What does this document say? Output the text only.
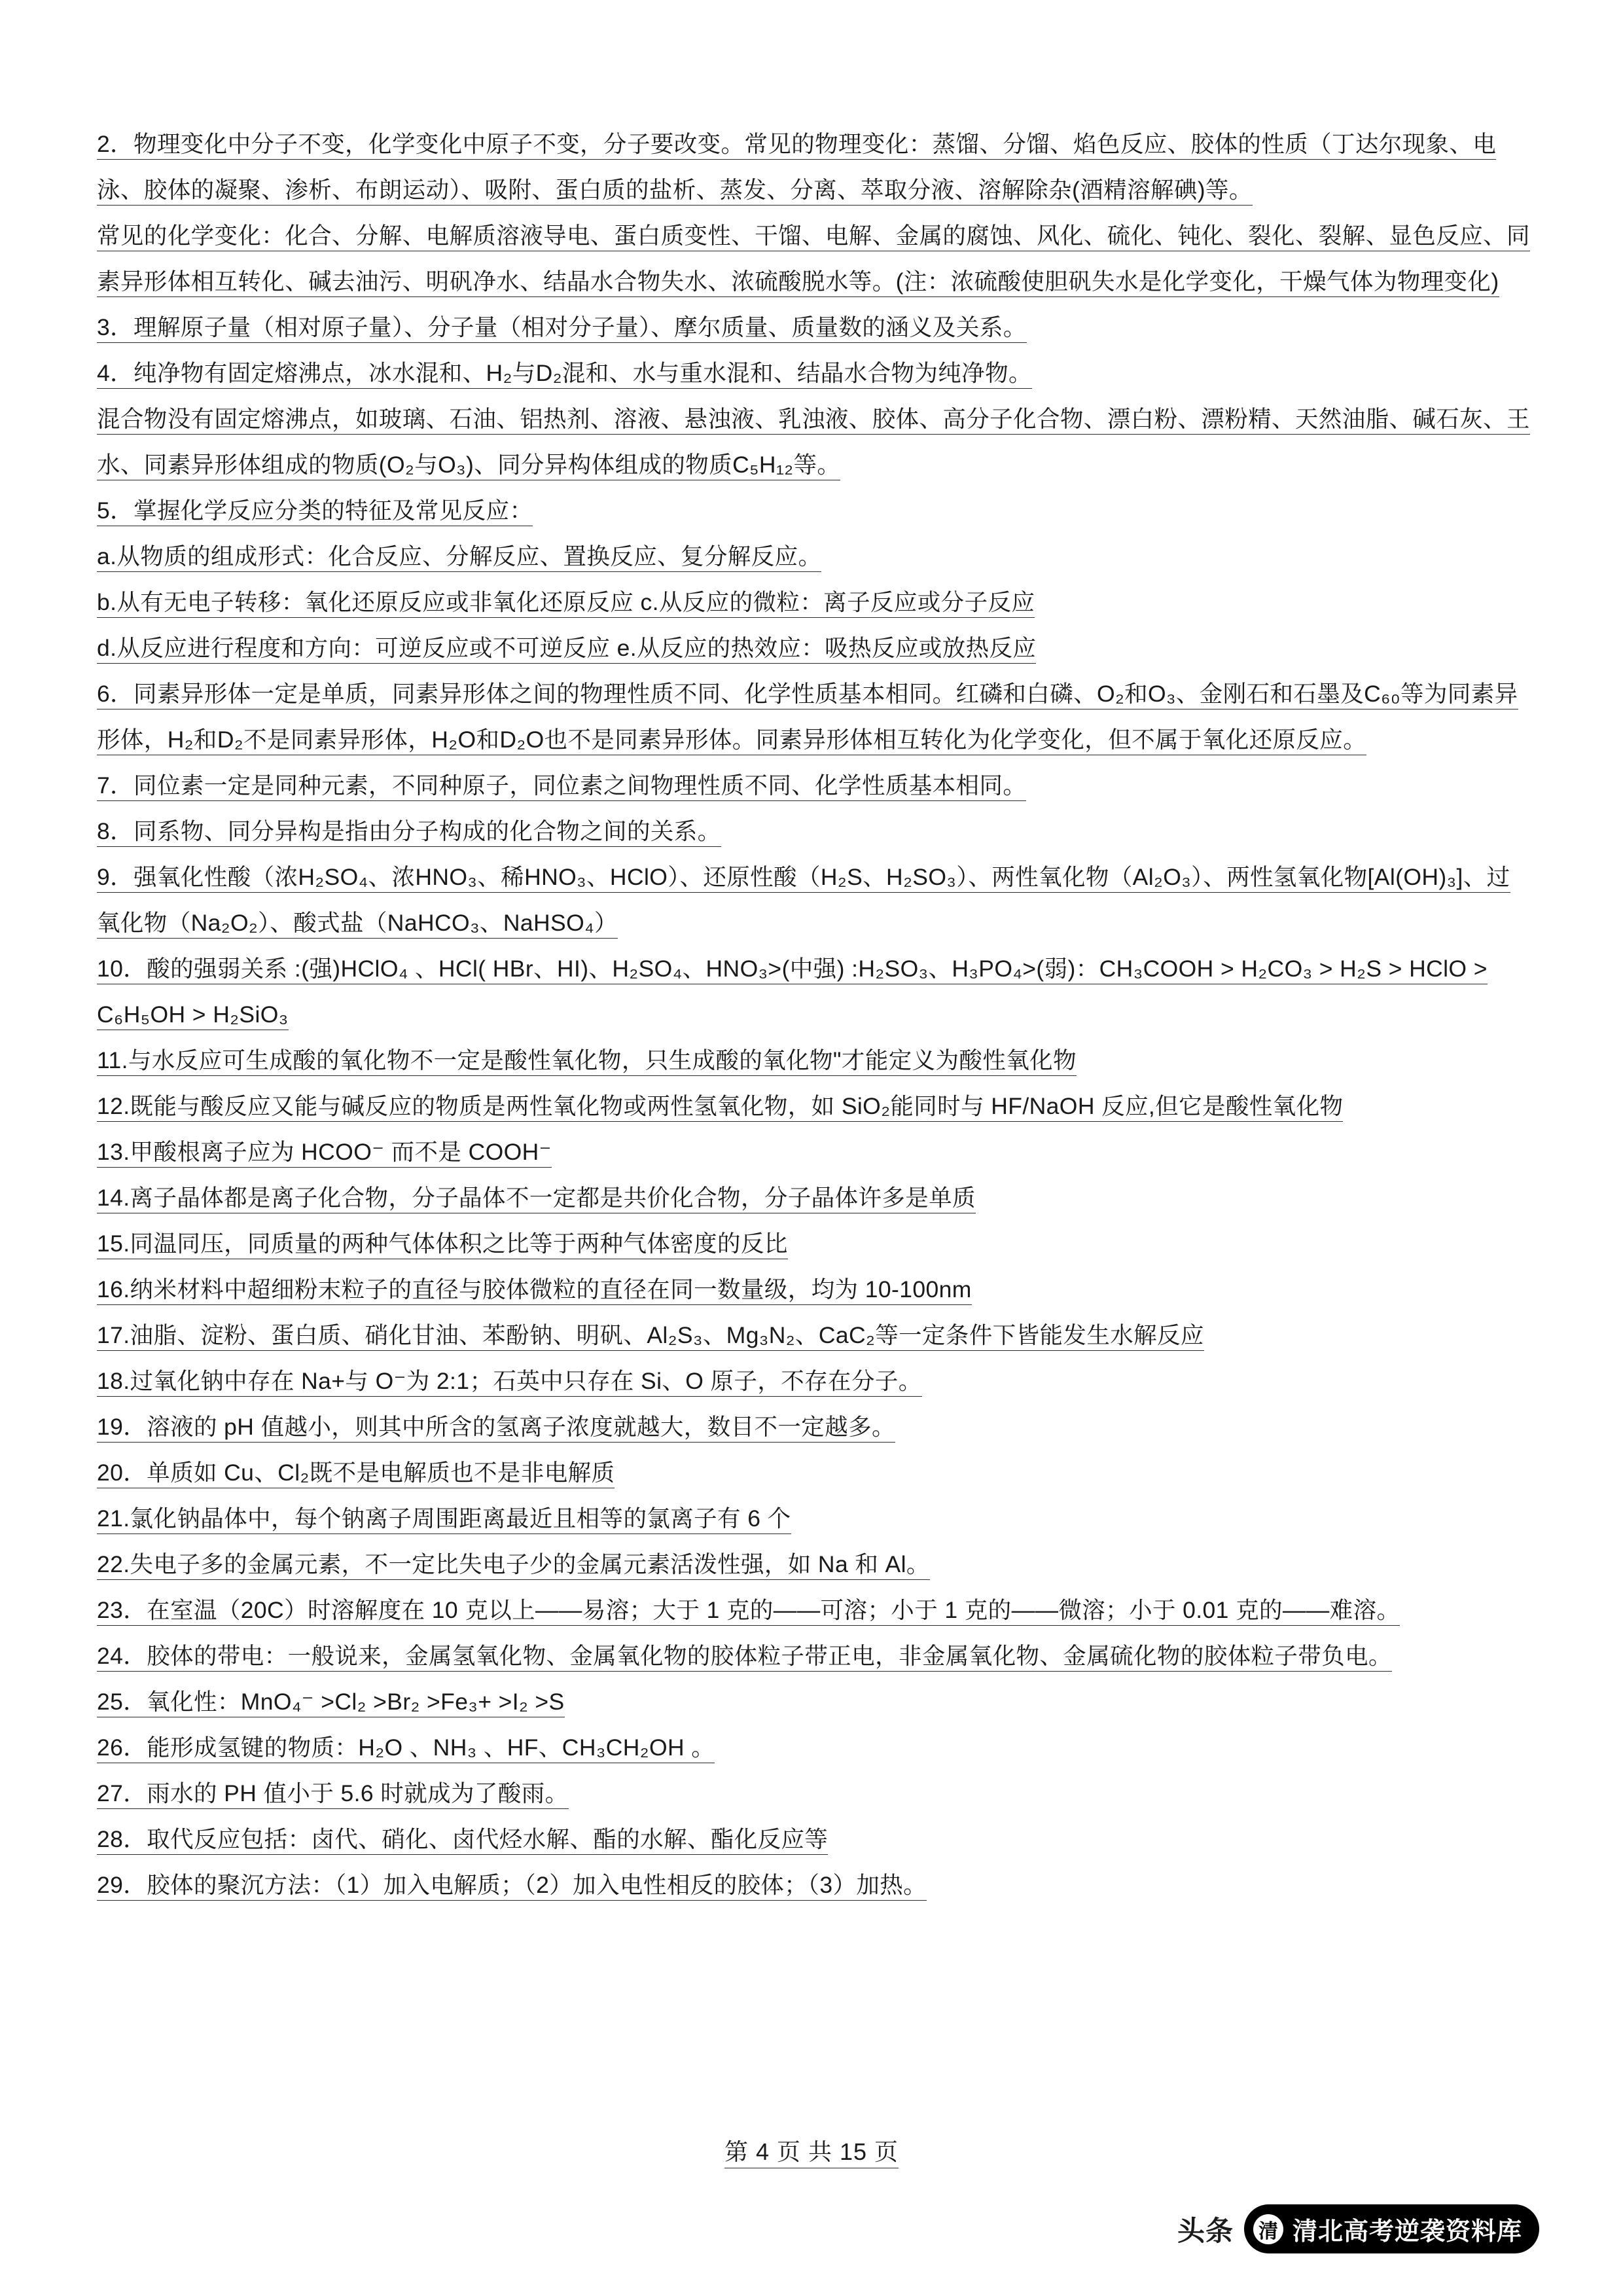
2．物理变化中分子不变，化学变化中原子不变，分子要改变。常见的物理变化：蒸馏、分馏、焰色反应、胶体的性质（丁达尔现象、电泳、胶体的凝聚、渗析、布朗运动）、吸附、蛋白质的盐析、蒸发、分离、萃取分液、溶解除杂(酒精溶解碘)等。

常见的化学变化：化合、分解、电解质溶液导电、蛋白质变性、干馏、电解、金属的腐蚀、风化、硫化、钝化、裂化、裂解、显色反应、同素异形体相互转化、碱去油污、明矾净水、结晶水合物失水、浓硫酸脱水等。(注：浓硫酸使胆矾失水是化学变化，干燥气体为物理变化)

3．理解原子量（相对原子量）、分子量（相对分子量）、摩尔质量、质量数的涵义及关系。

4．纯净物有固定熔沸点，冰水混和、H₂与D₂混和、水与重水混和、结晶水合物为纯净物。

混合物没有固定熔沸点，如玻璃、石油、铝热剂、溶液、悬浊液、乳浊液、胶体、高分子化合物、漂白粉、漂粉精、天然油脂、碱石灰、王水、同素异形体组成的物质(O₂与O₃)、同分异构体组成的物质C₅H₁₂等。

5．掌握化学反应分类的特征及常见反应：

a.从物质的组成形式：化合反应、分解反应、置换反应、复分解反应。

b.从有无电子转移：氧化还原反应或非氧化还原反应 c.从反应的微粒：离子反应或分子反应

d.从反应进行程度和方向：可逆反应或不可逆反应 e.从反应的热效应：吸热反应或放热反应

6．同素异形体一定是单质，同素异形体之间的物理性质不同、化学性质基本相同。红磷和白磷、O₂和O₃、金刚石和石墨及C₆₀等为同素异形体，H₂和D₂不是同素异形体，H₂O和D₂O也不是同素异形体。同素异形体相互转化为化学变化，但不属于氧化还原反应。

7．同位素一定是同种元素，不同种原子，同位素之间物理性质不同、化学性质基本相同。

8．同系物、同分异构是指由分子构成的化合物之间的关系。

9．强氧化性酸（浓H₂SO₄、浓HNO₃、稀HNO₃、HClO）、还原性酸（H₂S、H₂SO₃）、两性氧化物（Al₂O₃）、两性氢氧化物[Al(OH)₃]、过氧化物（Na₂O₂）、酸式盐（NaHCO₃、NaHSO₄）

10．酸的强弱关系 :(强)HClO₄ 、HCl( HBr、HI)、H₂SO₄、HNO₃>(中强) :H₂SO₃、H₃PO₄>(弱)：CH₃COOH > H₂CO₃ > H₂S > HClO > C₆H₅OH > H₂SiO₃

11.与水反应可生成酸的氧化物不一定是酸性氧化物，只生成酸的氧化物"才能定义为酸性氧化物

12.既能与酸反应又能与碱反应的物质是两性氧化物或两性氢氧化物，如 SiO₂能同时与 HF/NaOH 反应,但它是酸性氧化物

13.甲酸根离子应为 HCOO⁻ 而不是 COOH⁻

14.离子晶体都是离子化合物，分子晶体不一定都是共价化合物，分子晶体许多是单质

15.同温同压，同质量的两种气体体积之比等于两种气体密度的反比

16.纳米材料中超细粉末粒子的直径与胶体微粒的直径在同一数量级，均为 10-100nm

17.油脂、淀粉、蛋白质、硝化甘油、苯酚钠、明矾、Al₂S₃、Mg₃N₂、CaC₂等一定条件下皆能发生水解反应

18.过氧化钠中存在 Na+与 O⁻为 2:1；石英中只存在 Si、O 原子，不存在分子。

19．溶液的 pH 值越小，则其中所含的氢离子浓度就越大，数目不一定越多。

20．单质如 Cu、Cl₂既不是电解质也不是非电解质

21.氯化钠晶体中，每个钠离子周围距离最近且相等的氯离子有 6 个

22.失电子多的金属元素，不一定比失电子少的金属元素活泼性强，如 Na 和 Al。

23．在室温（20C）时溶解度在 10 克以上——易溶；大于 1 克的——可溶；小于 1 克的——微溶；小于 0.01 克的——难溶。

24．胶体的带电：一般说来，金属氢氧化物、金属氧化物的胶体粒子带正电，非金属氧化物、金属硫化物的胶体粒子带负电。

25．氧化性：MnO₄⁻ >Cl₂ >Br₂ >Fe₃+ >I₂ >S

26．能形成氢键的物质：H₂O 、NH₃ 、HF、CH₃CH₂OH 。

27．雨水的 PH 值小于 5.6 时就成为了酸雨。

28．取代反应包括：卤代、硝化、卤代烃水解、酯的水解、酯化反应等

29．胶体的聚沉方法：（1）加入电解质；（2）加入电性相反的胶体；（3）加热。

第 4 页 共 15 页
头条 清 清北高考逆袭资料库
